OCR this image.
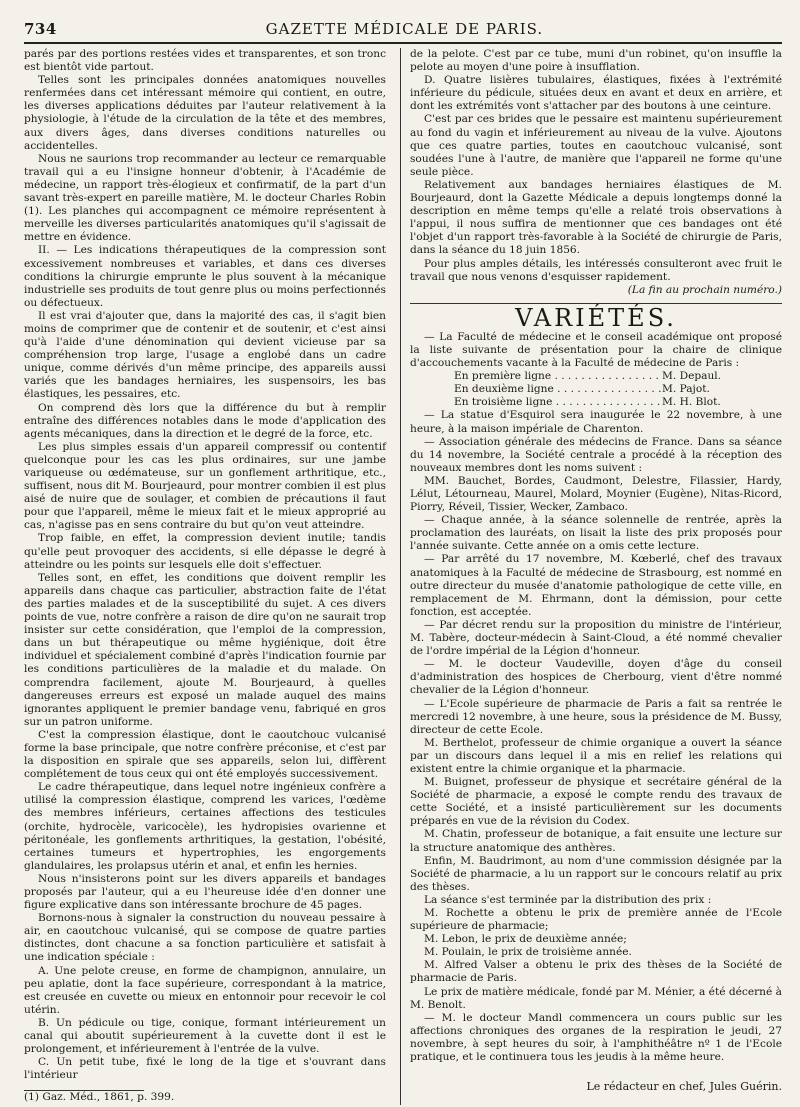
734	GAZETTE MÉDICALE DE PARIS.

parés par des portions restées vides et transparentes, et son tronc est bientôt vide partout.

Telles sont les principales données anatomiques nouvelles renfermées dans cet intéressant mémoire qui contient, en outre, les diverses applications déduites par l'auteur relativement à la physiologie, à l'étude de la circulation de la tête et des membres, aux divers âges, dans diverses conditions naturelles ou accidentelles.

Nous ne saurions trop recommander au lecteur ce remarquable travail qui a eu l'insigne honneur d'obtenir, à l'Académie de médecine, un rapport très-élogieux et confirmatif, de la part d'un savant très-expert en pareille matière, M. le docteur Charles Robin (1). Les planches qui accompagnent ce mémoire représentent à merveille les diverses particularités anatomiques qu'il s'agissait de mettre en évidence.

II. — Les indications thérapeutiques de la compression sont excessivement nombreuses et variables, et dans ces diverses conditions la chirurgie emprunte le plus souvent à la mécanique industrielle ses produits de tout genre plus ou moins perfectionnés ou défectueux.

Il est vrai d'ajouter que, dans la majorité des cas, il s'agit bien moins de comprimer que de contenir et de soutenir, et c'est ainsi qu'à l'aide d'une dénomination qui devient vicieuse par sa compréhension trop large, l'usage a englobé dans un cadre unique, comme dérivés d'un même principe, des appareils aussi variés que les bandages herniaires, les suspensoirs, les bas élastiques, les pessaires, etc.

On comprend dès lors que la différence du but à remplir entraîne des différences notables dans le mode d'application des agents mécaniques, dans la direction et le degré de la force, etc.

Les plus simples essais d'un appareil compressif ou contentif quelconque pour les cas les plus ordinaires, sur une jambe variqueuse ou œdémateuse, sur un gonflement arthritique, etc., suffisent, nous dit M. Bourjeaurd, pour montrer combien il est plus aisé de nuire que de soulager, et combien de précautions il faut pour que l'appareil, même le mieux fait et le mieux approprié au cas, n'agisse pas en sens contraire du but qu'on veut atteindre.

Trop faible, en effet, la compression devient inutile; tandis qu'elle peut provoquer des accidents, si elle dépasse le degré à atteindre ou les points sur lesquels elle doit s'effectuer.

Telles sont, en effet, les conditions que doivent remplir les appareils dans chaque cas particulier, abstraction faite de l'état des parties malades et de la susceptibilité du sujet. A ces divers points de vue, notre confrère a raison de dire qu'on ne saurait trop insister sur cette considération, que l'emploi de la compression, dans un but thérapeutique ou même hygiénique, doit être individuel et spécialement combiné d'après l'indication fournie par les conditions particulières de la maladie et du malade. On comprendra facilement, ajoute M. Bourjeaurd, à quelles dangereuses erreurs est exposé un malade auquel des mains ignorantes appliquent le premier bandage venu, fabriqué en gros sur un patron uniforme.

C'est la compression élastique, dont le caoutchouc vulcanisé forme la base principale, que notre confrère préconise, et c'est par la disposition en spirale que ses appareils, selon lui, diffèrent complétement de tous ceux qui ont été employés successivement.

Le cadre thérapeutique, dans lequel notre ingénieux confrère a utilisé la compression élastique, comprend les varices, l'œdème des membres inférieurs, certaines affections des testicules (orchite, hydrocèle, varicocèle), les hydropisies ovarienne et péritonéale, les gonflements arthritiques, la gestation, l'obésité, certaines tumeurs et hypertrophies, les engorgements glandulaires, les prolapsus utérin et anal, et enfin les hernies.

Nous n'insisterons point sur les divers appareils et bandages proposés par l'auteur, qui a eu l'heureuse idée d'en donner une figure explicative dans son intéressante brochure de 45 pages.

Bornons-nous à signaler la construction du nouveau pessaire à air, en caoutchouc vulcanisé, qui se compose de quatre parties distinctes, dont chacune a sa fonction particulière et satisfait à une indication spéciale :

A. Une pelote creuse, en forme de champignon, annulaire, un peu aplatie, dont la face supérieure, correspondant à la matrice, est creusée en cuvette ou mieux en entonnoir pour recevoir le col utérin.

B. Un pédicule ou tige, conique, formant intérieurement un canal qui aboutit supérieurement à la cuvette dont il est le prolongement, et inférieurement à l'entrée de la vulve.

C. Un petit tube, fixé le long de la tige et s'ouvrant dans l'intérieur

(1) Gaz. Méd., 1861, p. 399.

de la pelote. C'est par ce tube, muni d'un robinet, qu'on insuffle la pelote au moyen d'une poire à insufflation.

D. Quatre lisières tubulaires, élastiques, fixées à l'extrémité inférieure du pédicule, situées deux en avant et deux en arrière, et dont les extrémités vont s'attacher par des boutons à une ceinture.

C'est par ces brides que le pessaire est maintenu supérieurement au fond du vagin et inférieurement au niveau de la vulve. Ajoutons que ces quatre parties, toutes en caoutchouc vulcanisé, sont soudées l'une à l'autre, de manière que l'appareil ne forme qu'une seule pièce.

Relativement aux bandages herniaires élastiques de M. Bourjeaurd, dont la Gazette Médicale a depuis longtemps donné la description en même temps qu'elle a relaté trois observations à l'appui, il nous suffira de mentionner que ces bandages ont été l'objet d'un rapport très-favorable à la Société de chirurgie de Paris, dans la séance du 18 juin 1856.

Pour plus amples détails, les intéressés consulteront avec fruit le travail que nous venons d'esquisser rapidement.

(La fin au prochain numéro.)

VARIÉTÉS.

— La Faculté de médecine et le conseil académique ont proposé la liste suivante de présentation pour la chaire de clinique d'accouchements vacante à la Faculté de médecine de Paris :

En première ligne . . .	M. Depaul.
En deuxième ligne . . .	M. Pajot.
En troisième ligne . . .	M. H. Blot.

— La statue d'Esquirol sera inaugurée le 22 novembre, à une heure, à la maison impériale de Charenton.

— Association générale des médecins de France. Dans sa séance du 14 novembre, la Société centrale a procédé à la réception des nouveaux membres dont les noms suivent :

MM. Bauchet, Bordes, Caudmont, Delestre, Filassier, Hardy, Lélut, Létourneau, Maurel, Molard, Moynier (Eugène), Nitas-Ricord, Piorry, Réveil, Tissier, Wecker, Zambaco.

— Chaque année, à la séance solennelle de rentrée, après la proclamation des lauréats, on lisait la liste des prix proposés pour l'année suivante. Cette année on a omis cette lecture.

— Par arrêté du 17 novembre, M. Kœberlé, chef des travaux anatomiques à la Faculté de médecine de Strasbourg, est nommé en outre directeur du musée d'anatomie pathologique de cette ville, en remplacement de M. Ehrmann, dont la démission, pour cette fonction, est acceptée.

— Par décret rendu sur la proposition du ministre de l'intérieur, M. Tabère, docteur-médecin à Saint-Cloud, a été nommé chevalier de l'ordre impérial de la Légion d'honneur.

— M. le docteur Vaudeville, doyen d'âge du conseil d'administration des hospices de Cherbourg, vient d'être nommé chevalier de la Légion d'honneur.

— L'Ecole supérieure de pharmacie de Paris a fait sa rentrée le mercredi 12 novembre, à une heure, sous la présidence de M. Bussy, directeur de cette Ecole.

M. Berthelot, professeur de chimie organique a ouvert la séance par un discours dans lequel il a mis en relief les relations qui existent entre la chimie organique et la pharmacie.

M. Buignet, professeur de physique et secrétaire général de la Société de pharmacie, a exposé le compte rendu des travaux de cette Société, et a insisté particulièrement sur les documents préparés en vue de la révision du Codex.

M. Chatin, professeur de botanique, a fait ensuite une lecture sur la structure anatomique des anthères.

Enfin, M. Baudrimont, au nom d'une commission désignée par la Société de pharmacie, a lu un rapport sur le concours relatif au prix des thèses.

La séance s'est terminée par la distribution des prix :

M. Rochette a obtenu le prix de première année de l'Ecole supérieure de pharmacie;

M. Lebon, le prix de deuxième année;

M. Poulain, le prix de troisième année.

M. Alfred Valser a obtenu le prix des thèses de la Société de pharmacie de Paris.

Le prix de matière médicale, fondé par M. Ménier, a été décerné à M. Benolt.

— M. le docteur Mandl commencera un cours public sur les affections chroniques des organes de la respiration le jeudi, 27 novembre, à sept heures du soir, à l'amphithéâtre nº 1 de l'Ecole pratique, et le continuera tous les jeudis à la même heure.

Le rédacteur en chef, Jules Guérin.
